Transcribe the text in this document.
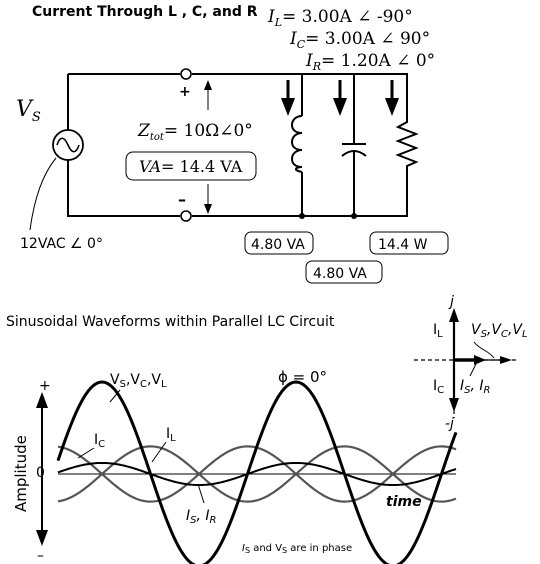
Current Through L , C, and R $I_L= 3.00A$ ∠ -90°
$I_C= 3.00A$ ∠ 90°
$I_R= 1.20A$ ∠ 0°
$V_S$
12VAC ∠ 0°
+
–
$Z_{tot}=$ 10Ω∠0°
VA= 14.4 VA
4.80 VA
4.80 VA
14.4 W
Sinusoidal Waveforms within Parallel LC Circuit
+
0
–
Amplitude
ϕ = 0°
$V_S,V_C,V_L$
$I_C$
$I_L$
$I_S$, $I_R$
time
$I_S$ and $V_S$ are in phase
j
-j
$I_L$
$I_C$
$V_S,V_C,V_L$
$I_S$, $I_R$
